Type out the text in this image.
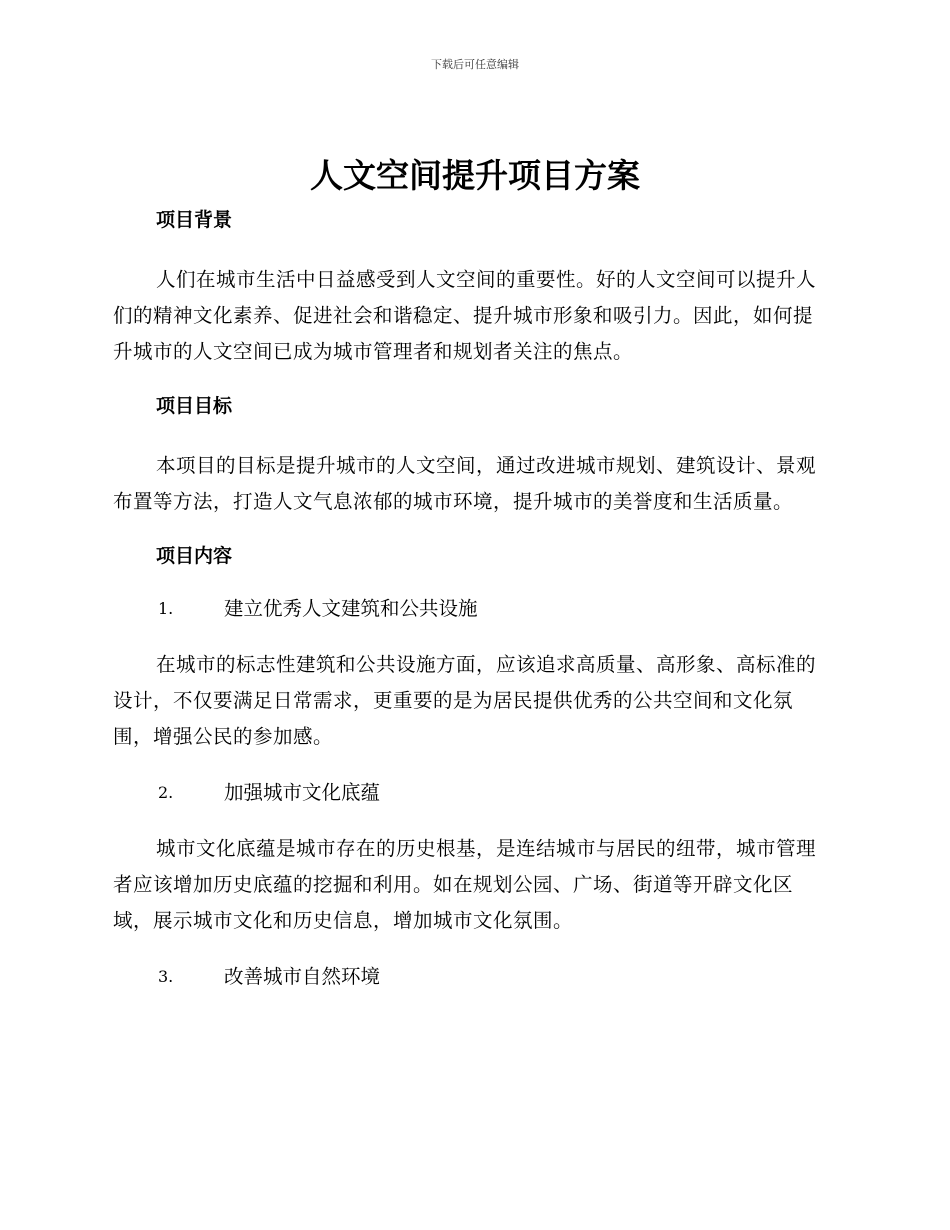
下载后可任意编辑
人文空间提升项目方案
项目背景

人们在城市生活中日益感受到人文空间的重要性。好的人文空间可以提升人们的精神文化素养、促进社会和谐稳定、提升城市形象和吸引力。因此，如何提升城市的人文空间已成为城市管理者和规划者关注的焦点。

项目目标

本项目的目标是提升城市的人文空间，通过改进城市规划、建筑设计、景观布置等方法，打造人文气息浓郁的城市环境，提升城市的美誉度和生活质量。

项目内容
1.	建立优秀人文建筑和公共设施

在城市的标志性建筑和公共设施方面，应该追求高质量、高形象、高标准的设计，不仅要满足日常需求，更重要的是为居民提供优秀的公共空间和文化氛围，增强公民的参加感。

2.	加强城市文化底蕴

城市文化底蕴是城市存在的历史根基，是连结城市与居民的纽带，城市管理者应该增加历史底蕴的挖掘和利用。如在规划公园、广场、街道等开辟文化区域，展示城市文化和历史信息，增加城市文化氛围。

3.	改善城市自然环境
